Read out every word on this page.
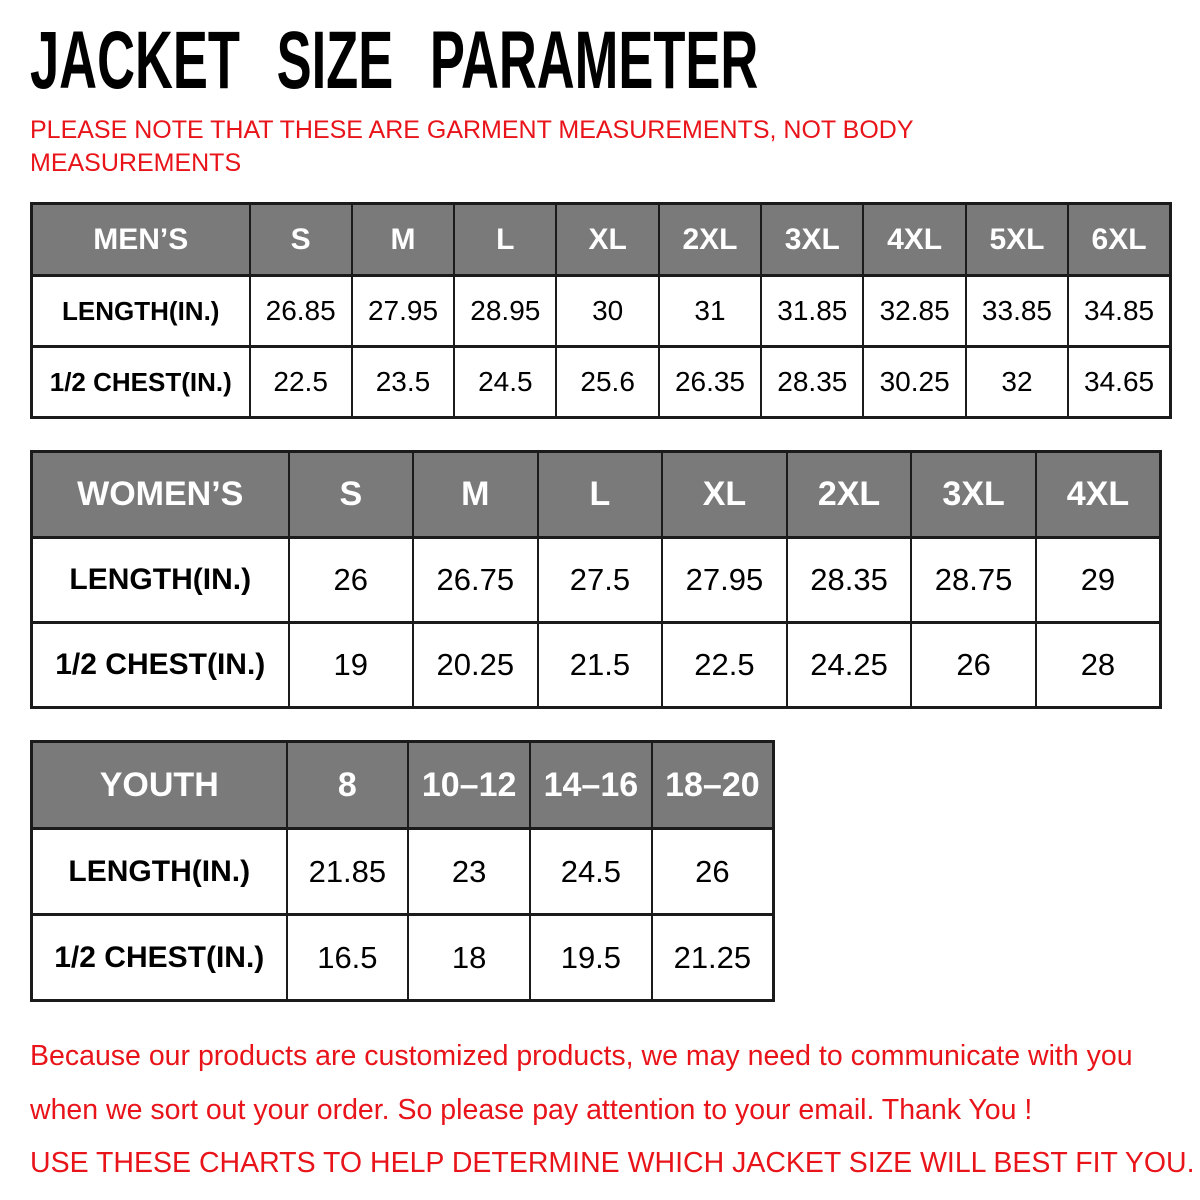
JACKET SIZE PARAMETER
PLEASE NOTE THAT THESE ARE GARMENT MEASUREMENTS, NOT BODY MEASUREMENTS
MEN’S	S	M	L	XL	2XL	3XL	4XL	5XL	6XL
LENGTH(IN.)	26.85	27.95	28.95	30	31	31.85	32.85	33.85	34.85
1/2 CHEST(IN.)	22.5	23.5	24.5	25.6	26.35	28.35	30.25	32	34.65
WOMEN’S	S	M	L	XL	2XL	3XL	4XL
LENGTH(IN.)	26	26.75	27.5	27.95	28.35	28.75	29
1/2 CHEST(IN.)	19	20.25	21.5	22.5	24.25	26	28
YOUTH	8	10–12	14–16	18–20
LENGTH(IN.)	21.85	23	24.5	26
1/2 CHEST(IN.)	16.5	18	19.5	21.25
Because our products are customized products, we may need to communicate with you
when we sort out your order. So please pay attention to your email. Thank You !
USE THESE CHARTS TO HELP DETERMINE WHICH JACKET SIZE WILL BEST FIT YOU.
